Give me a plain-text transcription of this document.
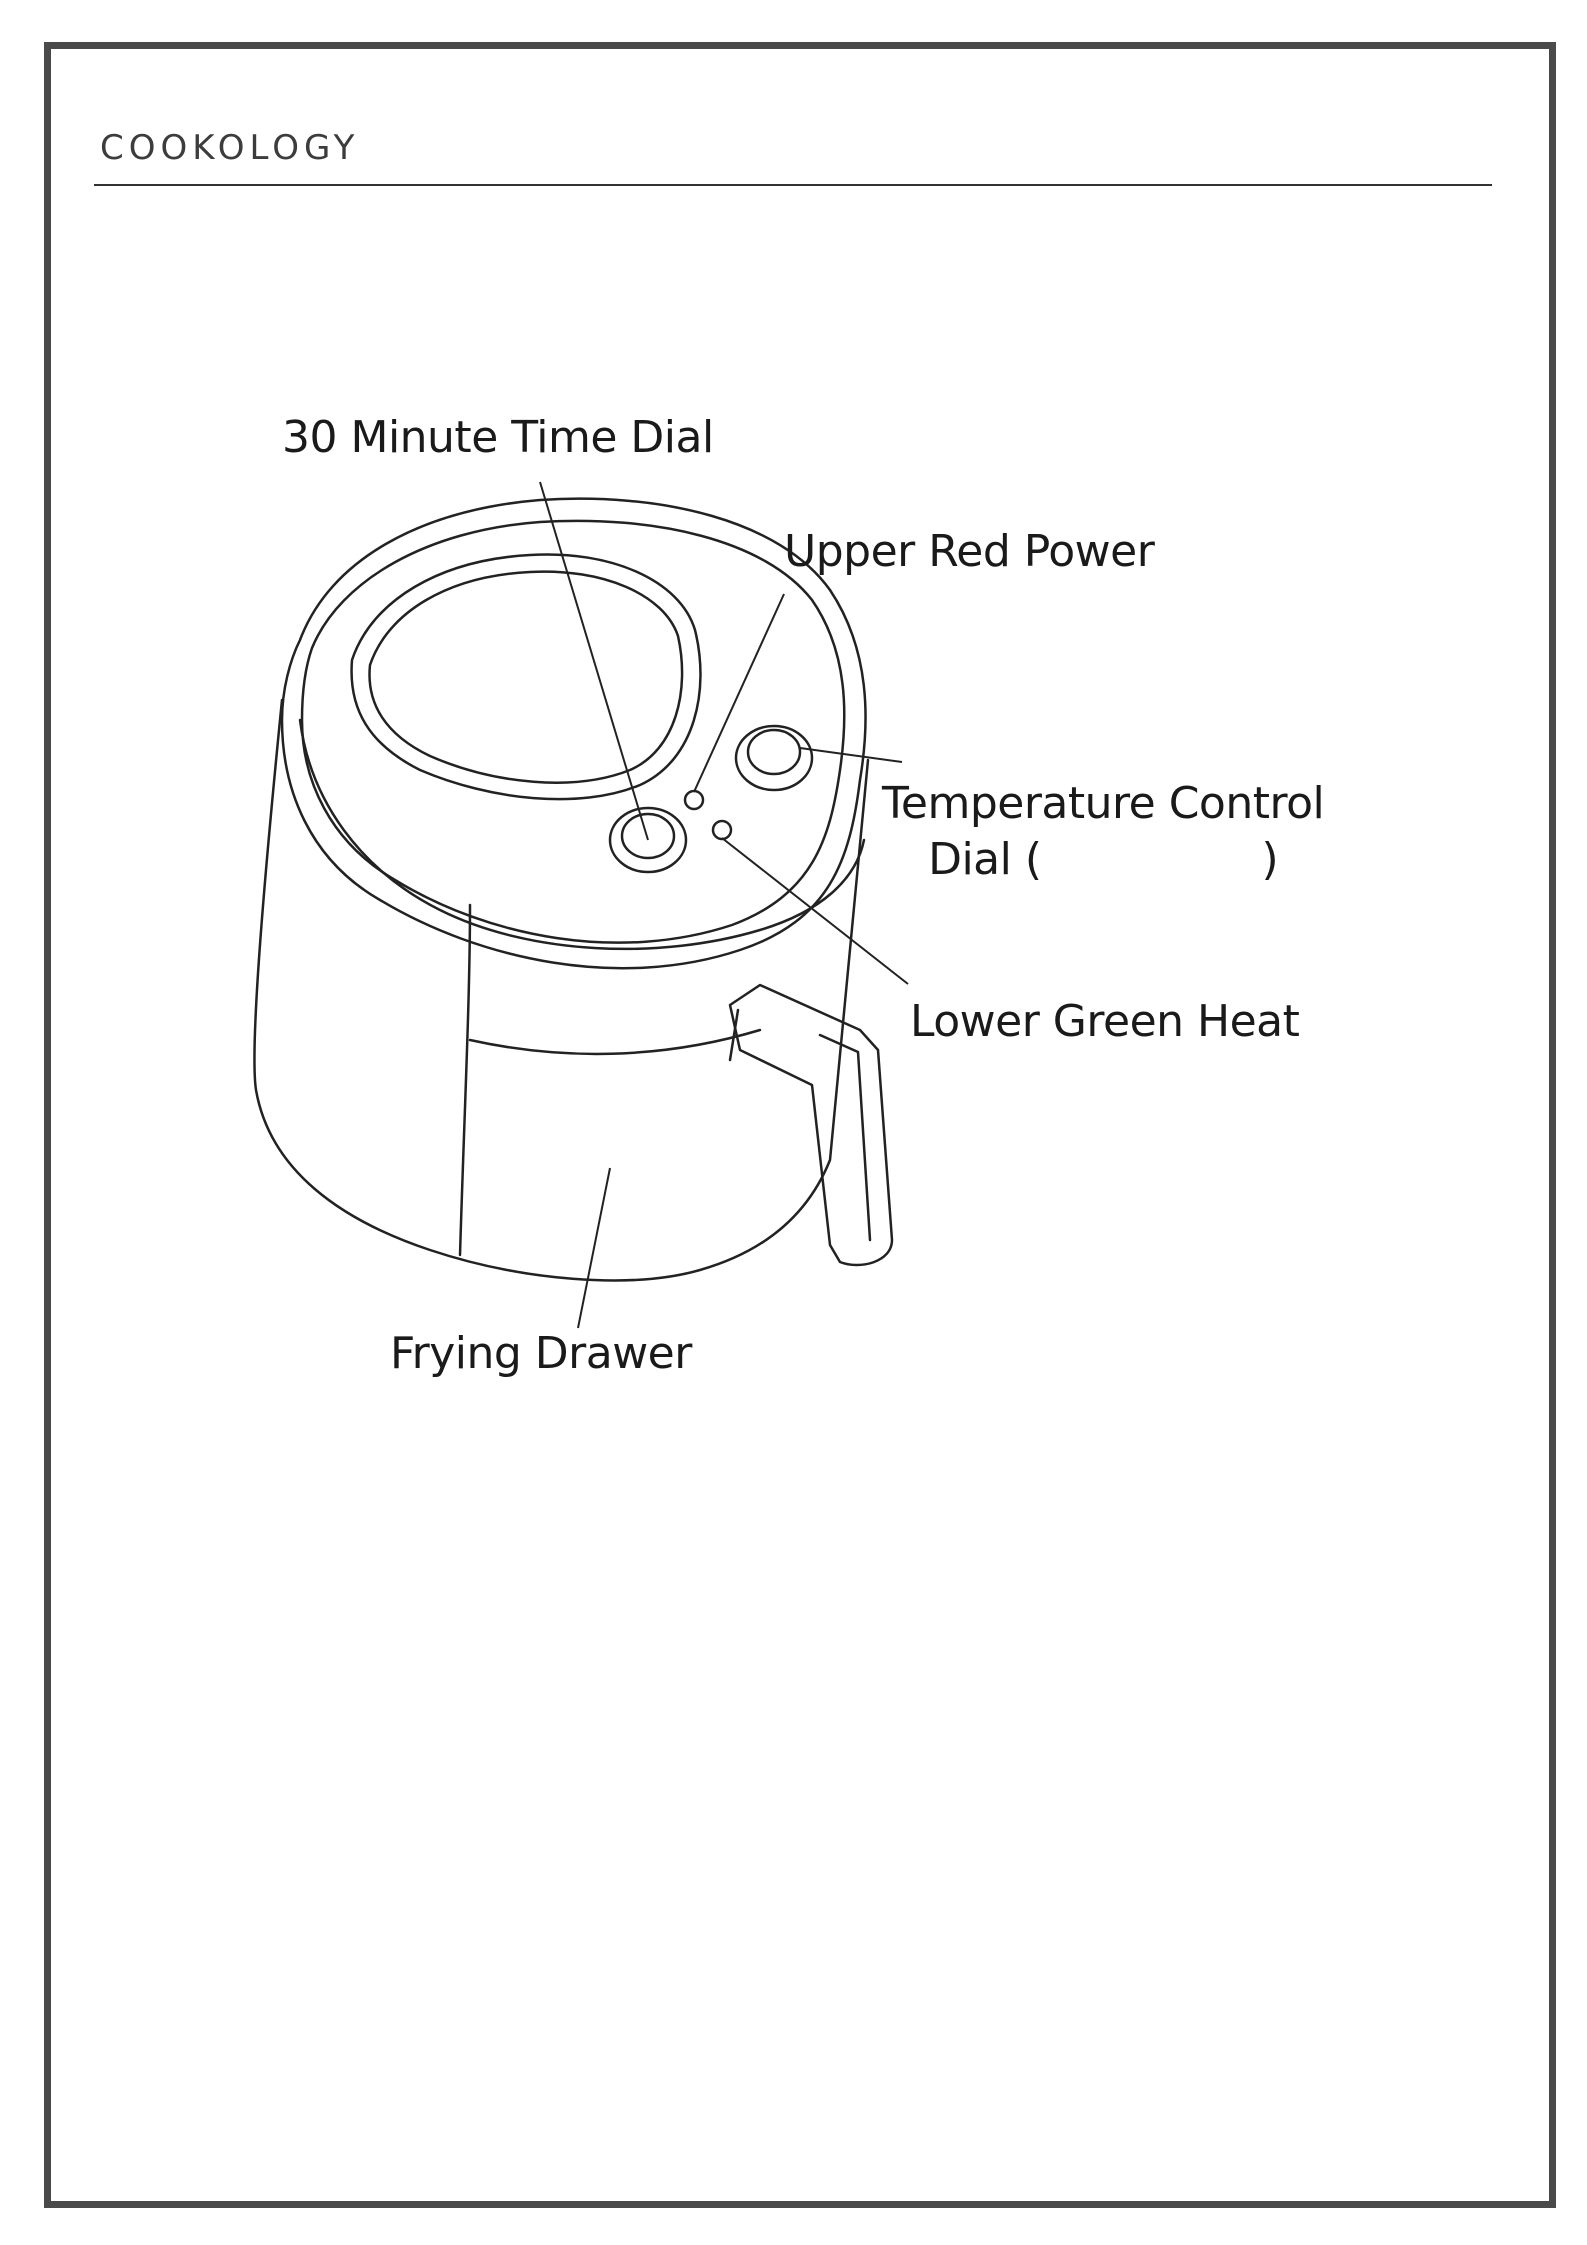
COOKOLOGY
30 Minute Time Dial
Upper Red Power
Temperature Control
Dial (	)
Lower Green Heat
Frying Drawer
